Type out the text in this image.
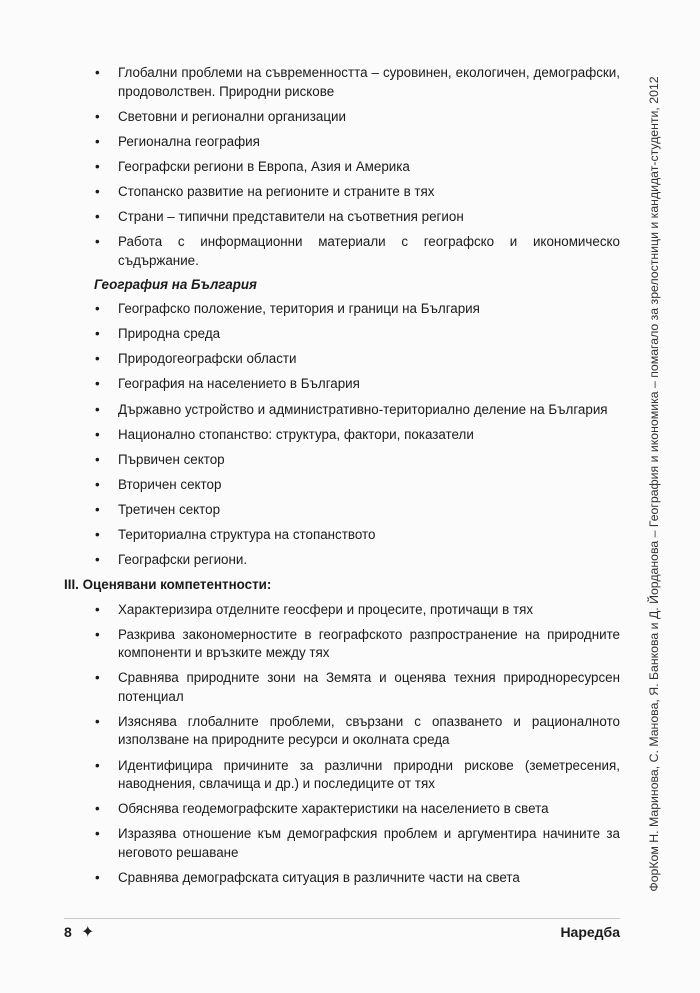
• Глобални проблеми на съвременността – суровинен, екологичен, демографски, продоволствен. Природни рискове
• Световни и регионални организации
• Регионална география
• Географски региони в Европа, Азия и Америка
• Стопанско развитие на регионите и страните в тях
• Страни – типични представители на съответния регион
• Работа с информационни материали с географско и икономическо съдържание.
География на България
• Географско положение, територия и граници на България
• Природна среда
• Природогеографски области
• География на населението в България
• Държавно устройство и административно-териториално деление на България
• Национално стопанство: структура, фактори, показатели
• Първичен сектор
• Вторичен сектор
• Третичен сектор
• Териториална структура на стопанството
• Географски региони.
III. Оценявани компетентности:
• Характеризира отделните геосфери и процесите, протичащи в тях
• Разкрива закономерностите в географското разпространение на природните компоненти и връзките между тях
• Сравнява природните зони на Земята и оценява техния природноресурсен потенциал
• Изяснява глобалните проблеми, свързани с опазването и рационалното използване на природните ресурси и околната среда
• Идентифицира причините за различни природни рискове (земетресения, наводнения, свлачища и др.) и последиците от тях
• Обяснява геодемографските характеристики на населението в света
• Изразява отношение към демографския проблем и аргументира начините за неговото решаване
• Сравнява демографската ситуация в различните части на света
8 ✦	Наредба
ФорКом Н. Маринова, С. Манова, Я. Банкова и Д. Йорданова – География и икономика – помагало за зрелостници и кандидат-студенти, 2012
